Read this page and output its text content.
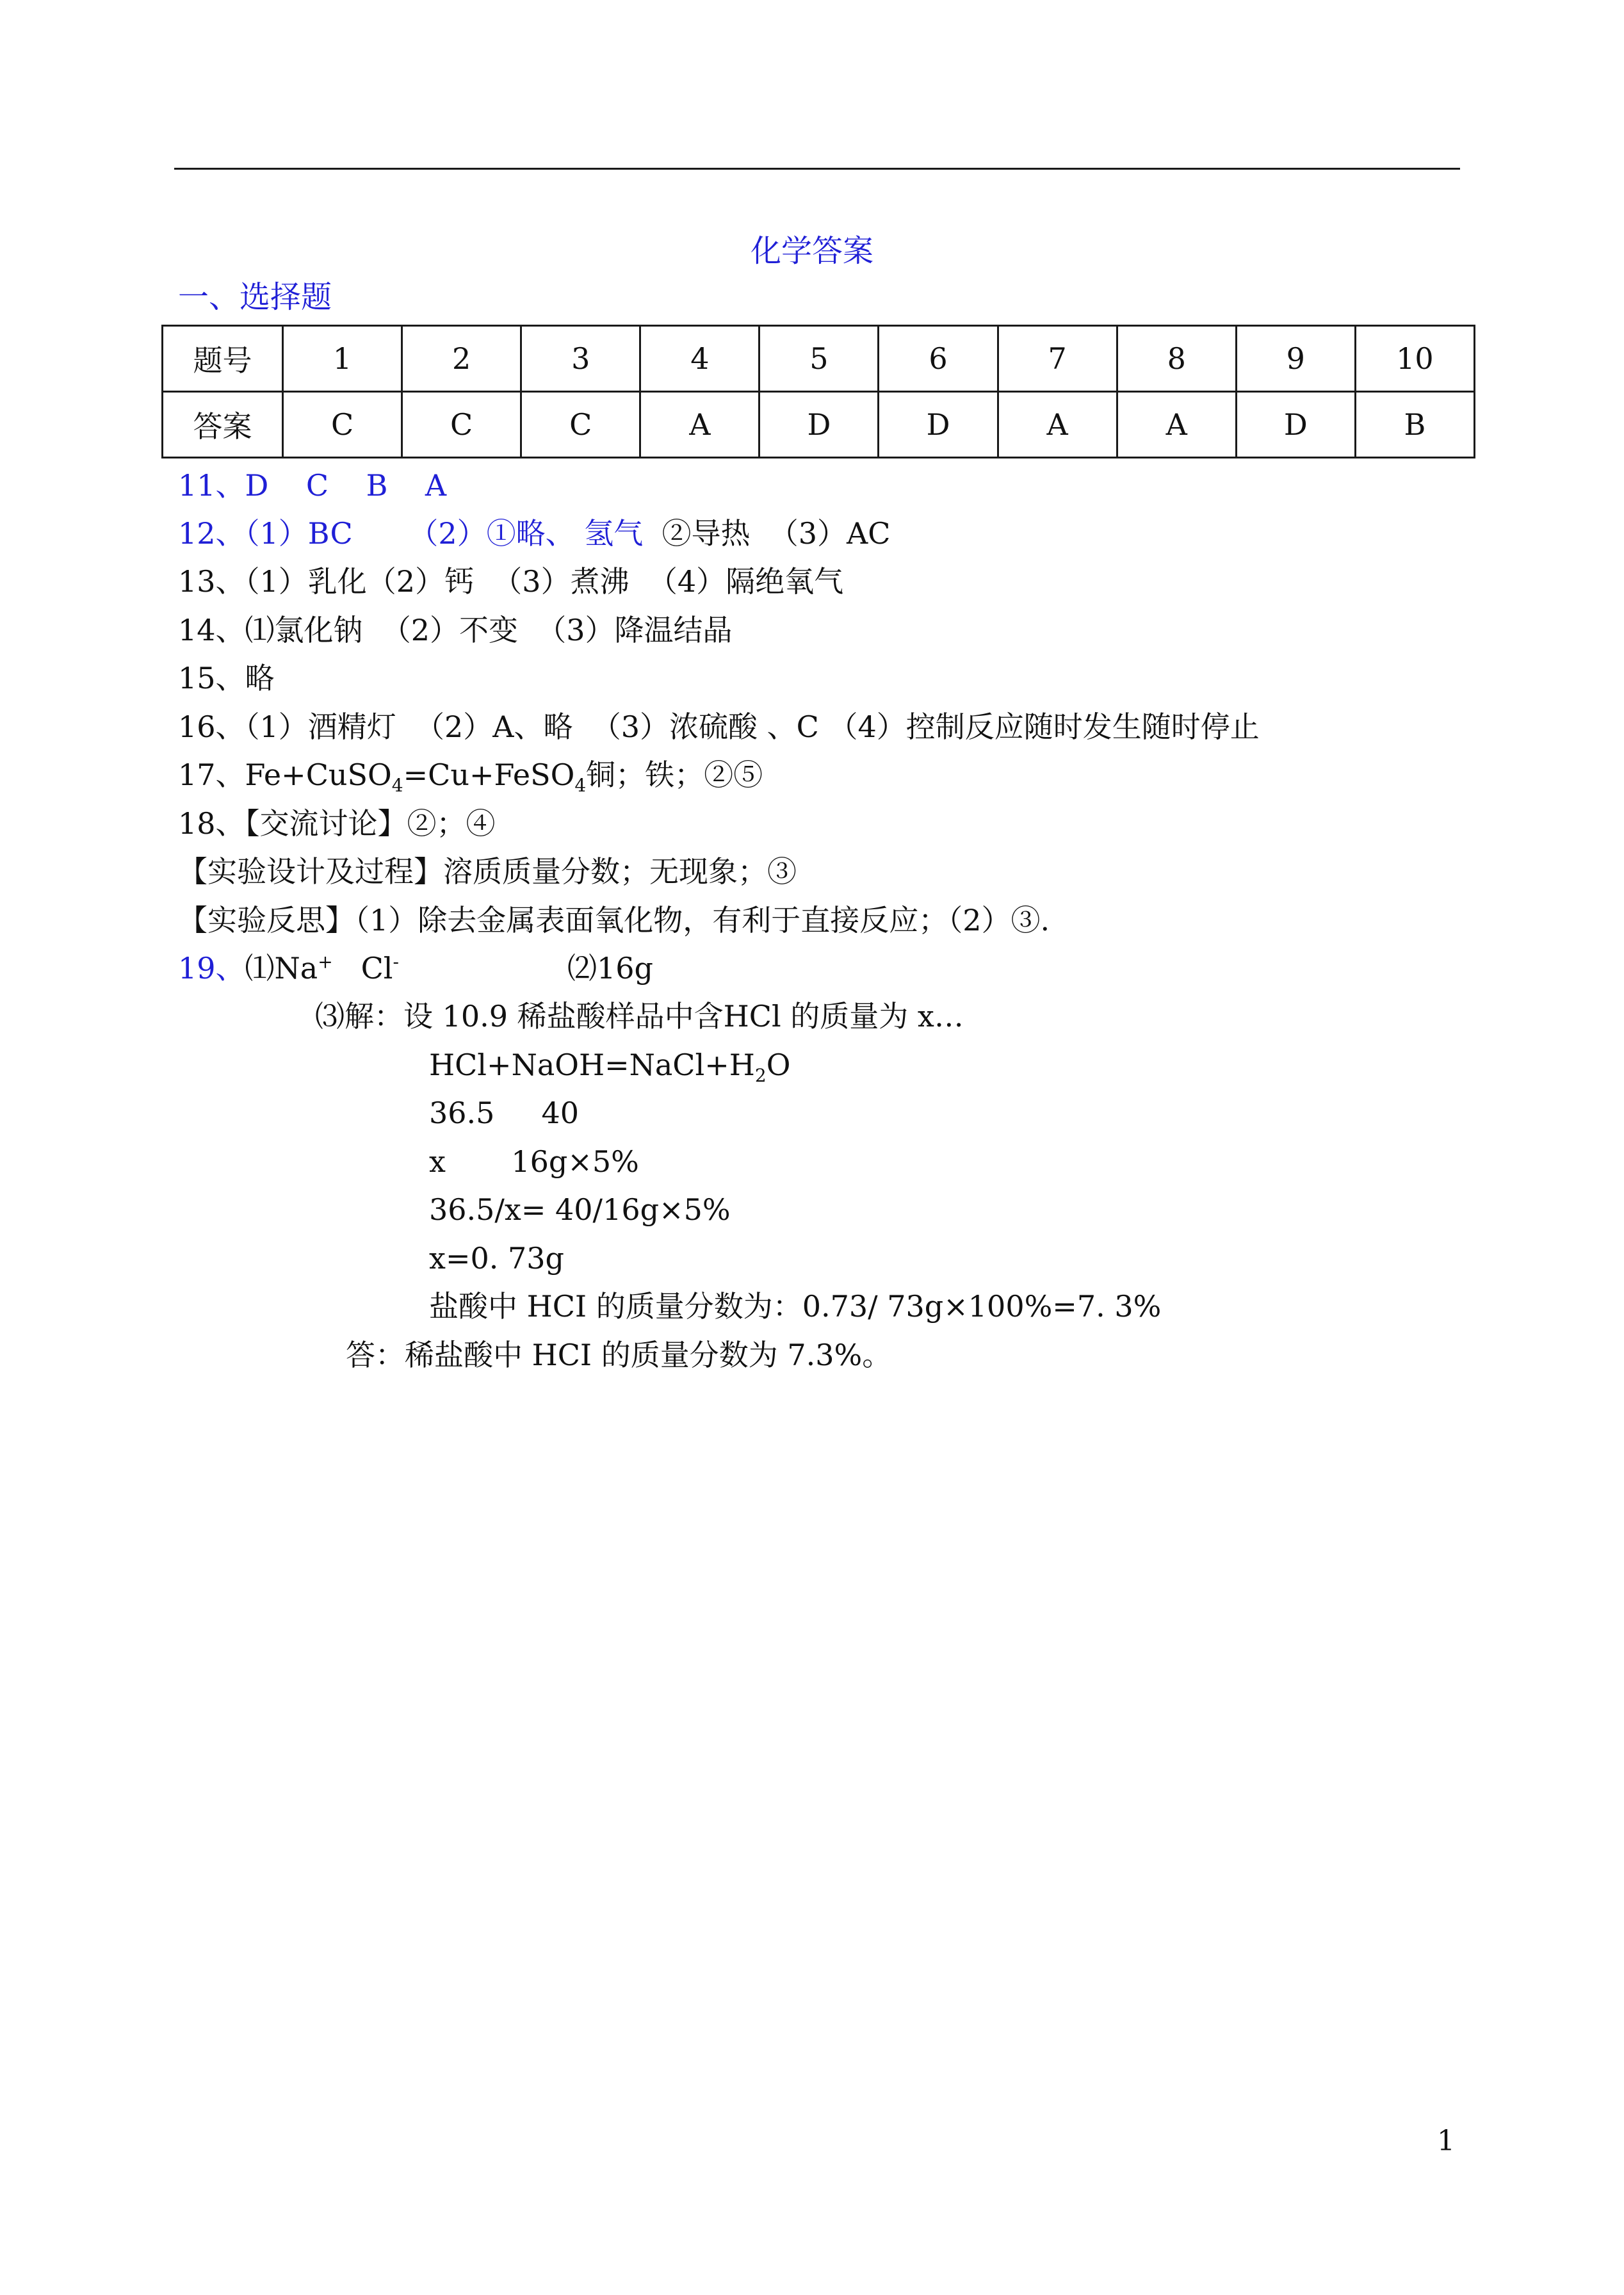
化学答案
一、选择题
题号	1	2	3	4	5	6	7	8	9	10
答案	C	C	C	A	D	D	A	A	D	B
11、D    C    B    A
12、（1）BC      （2）①略、 氢气  ②导热  （3）AC
13、（1）乳化（2）钙  （3）煮沸  （4）隔绝氧气
14、⑴氯化钠  （2）不变  （3）降温结晶
15、略
16、（1）酒精灯  （2）A、略  （3）浓硫酸 、C （4）控制反应随时发生随时停止
17、Fe+CuSO$_4$=Cu+FeSO$_4$铜；铁；②⑤
18、【交流讨论】②；④
【实验设计及过程】溶质质量分数；无现象；③
【实验反思】（1）除去金属表面氧化物，有利于直接反应；（2）③.
19、⑴Na+   Cl-	⑵16g
⑶解：设 10.9 稀盐酸样品中含HCl 的质量为 x…
$HCl+NaOH=NaCl+H_2O$
36.5     40
x       16g×5%
36.5/x= 40/16g×5%
x=0. 73g
盐酸中 HCI 的质量分数为：0.73/ 73g×100%=7. 3%
答：稀盐酸中 HCI 的质量分数为 7.3%。
1
